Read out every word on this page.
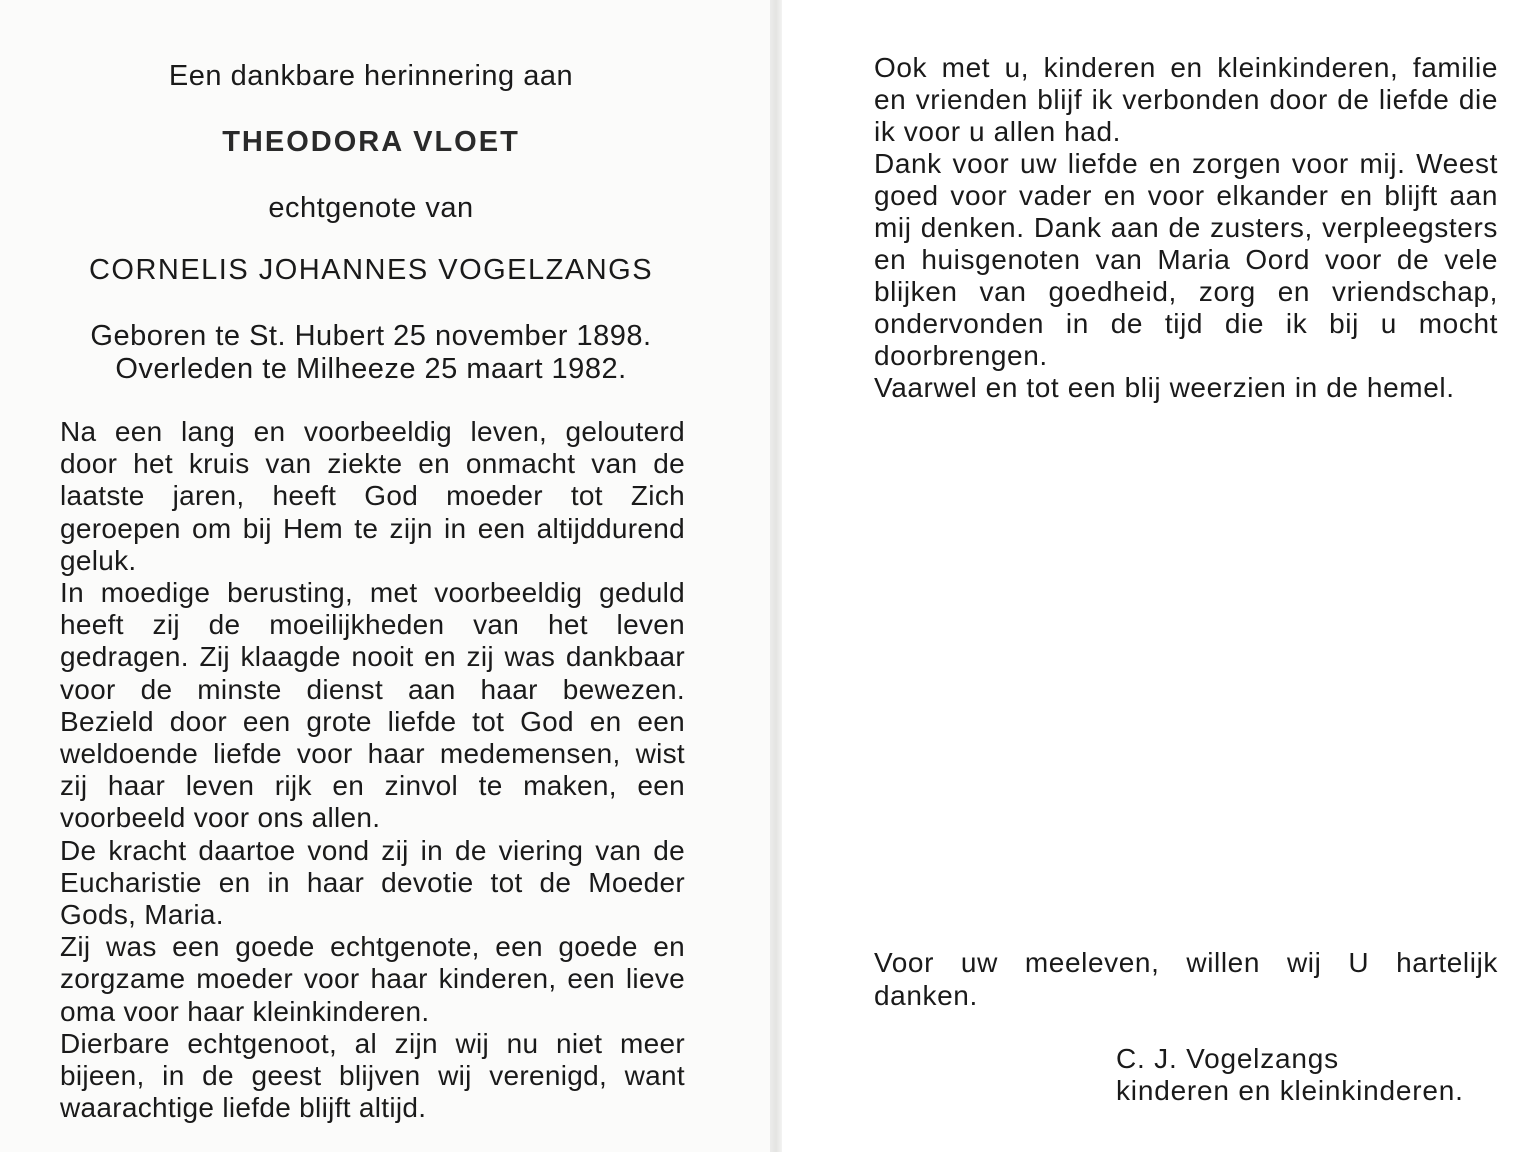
Een dankbare herinnering aan
THEODORA VLOET
echtgenote van
CORNELIS JOHANNES VOGELZANGS
Geboren te St. Hubert 25 november 1898.
Overleden te Milheeze 25 maart 1982.
Na een lang en voorbeeldig leven, gelouterd door het kruis van ziekte en onmacht van de laatste jaren, heeft God moeder tot Zich geroepen om bij Hem te zijn in een altijddurend geluk.
In moedige berusting, met voorbeeldig geduld heeft zij de moeilijkheden van het leven gedragen. Zij klaagde nooit en zij was dankbaar voor de minste dienst aan haar bewezen. Bezield door een grote liefde tot God en een weldoende liefde voor haar medemensen, wist zij haar leven rijk en zinvol te maken, een voorbeeld voor ons allen.
De kracht daartoe vond zij in de viering van de Eucharistie en in haar devotie tot de Moeder Gods, Maria.
Zij was een goede echtgenote, een goede en zorgzame moeder voor haar kinderen, een lieve oma voor haar kleinkinderen.
Dierbare echtgenoot, al zijn wij nu niet meer bijeen, in de geest blijven wij verenigd, want waarachtige liefde blijft altijd.
Ook met u, kinderen en kleinkinderen, familie en vrienden blijf ik verbonden door de liefde die ik voor u allen had.
Dank voor uw liefde en zorgen voor mij. Weest goed voor vader en voor elkander en blijft aan mij denken. Dank aan de zusters, verpleegsters en huisgenoten van Maria Oord voor de vele blijken van goedheid, zorg en vriendschap, ondervonden in de tijd die ik bij u mocht doorbrengen.
Vaarwel en tot een blij weerzien in de hemel.
Voor uw meeleven, willen wij U hartelijk danken.
C. J. Vogelzangs
kinderen en kleinkinderen.
